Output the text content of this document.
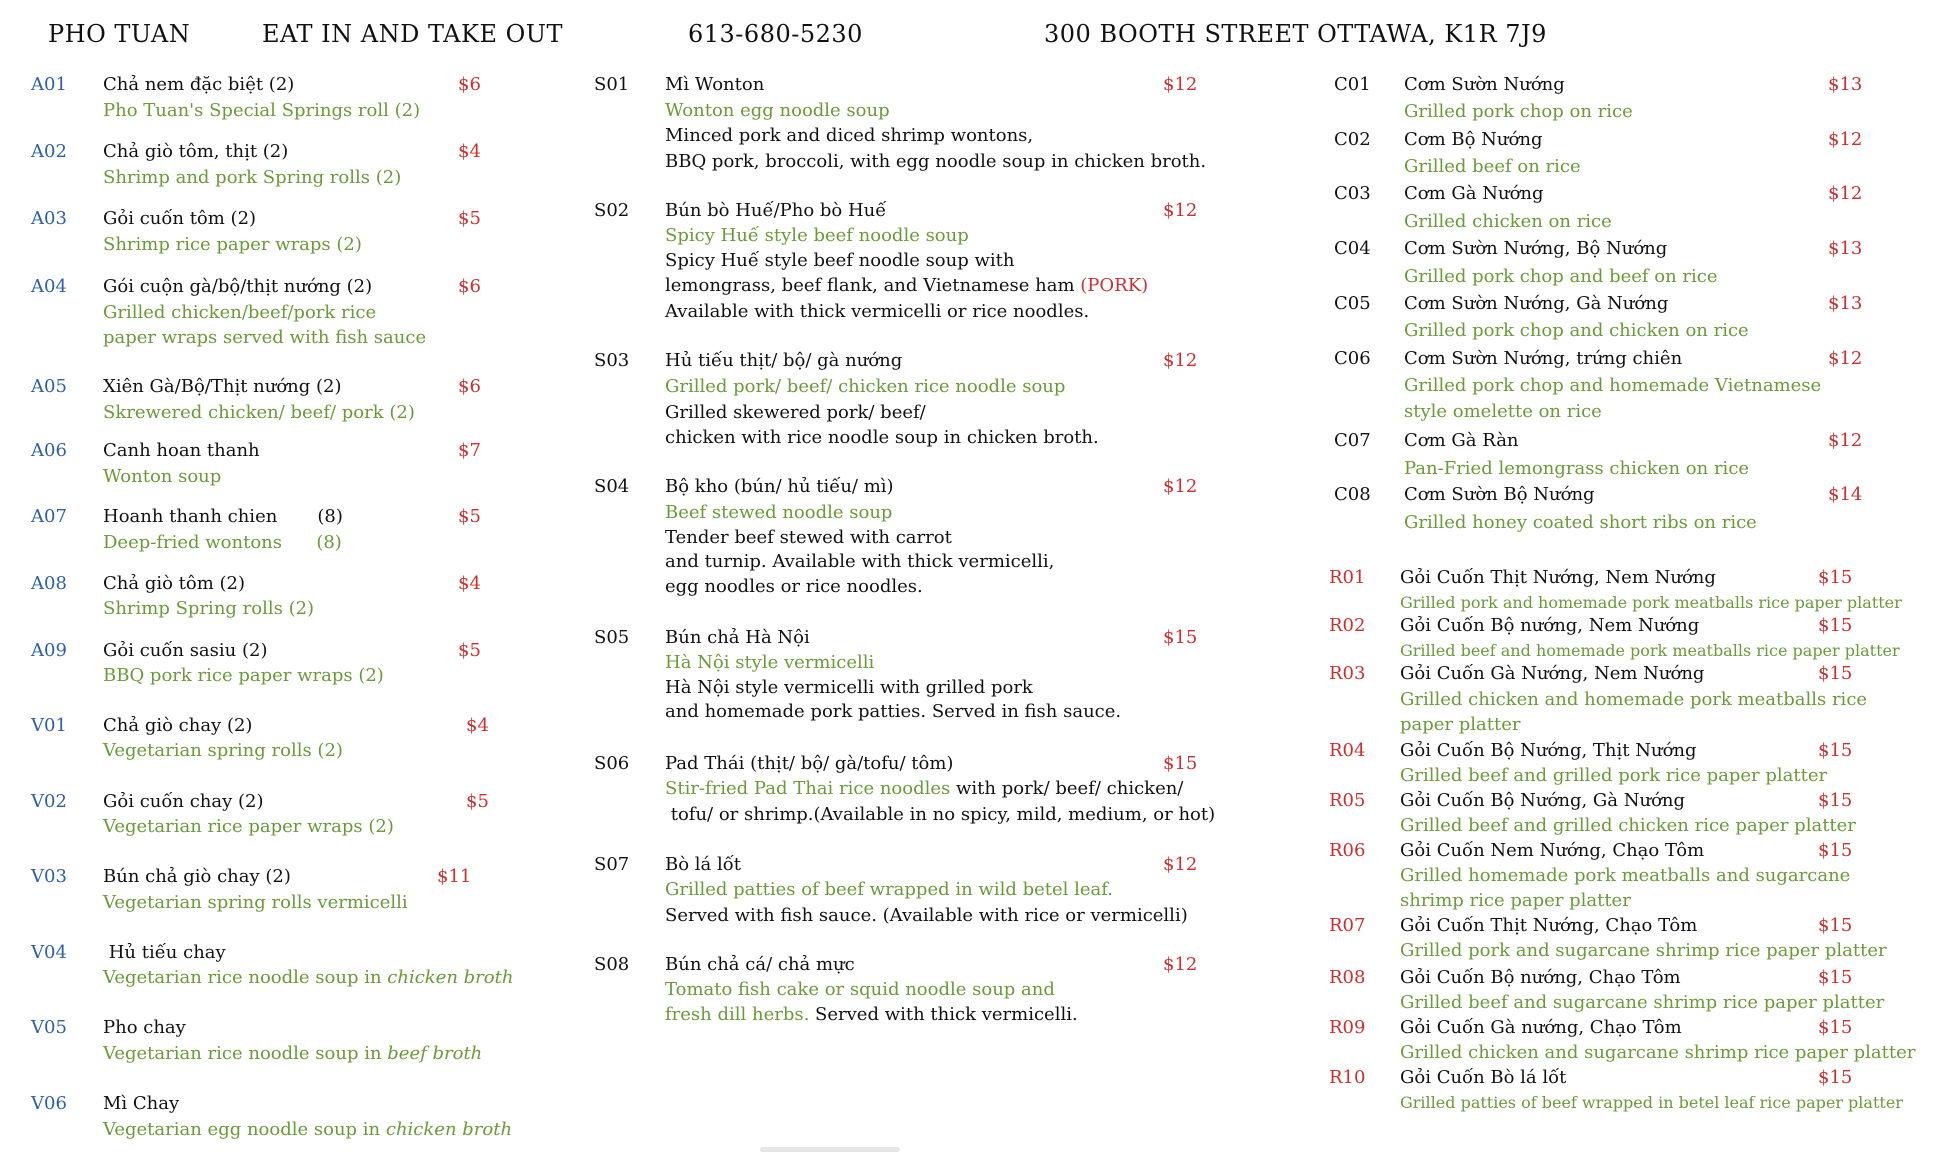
PHO TUAN	EAT IN AND TAKE OUT	613-680-5230	300 BOOTH STREET OTTAWA, K1R 7J9
A01 Chả nem đặc biệt (2)	$6
Pho Tuan's Special Springs roll (2)
A02 Chả giò tôm, thịt (2)	$4
Shrimp and pork Spring rolls (2)
A03 Gỏi cuốn tôm (2)	$5
Shrimp rice paper wraps (2)
A04 Gói cuộn gà/bộ/thịt nướng (2)	$6
Grilled chicken/beef/pork rice
paper wraps served with fish sauce
A05 Xiên Gà/Bộ/Thịt nướng (2)	$6
Skrewered chicken/ beef/ pork (2)
A06 Canh hoan thanh	$7
Wonton soup
A07 Hoanh thanh chien       (8)	$5
Deep-fried wontons      (8)
A08 Chả giò tôm (2)	$4
Shrimp Spring rolls (2)
A09 Gỏi cuốn sasiu (2)	$5
BBQ pork rice paper wraps (2)
V01 Chả giò chay (2)	$4
Vegetarian spring rolls (2)
V02 Gỏi cuốn chay (2)	$5
Vegetarian rice paper wraps (2)
V03 Bún chả giò chay (2)	$11
Vegetarian spring rolls vermicelli
V04 Hủ tiếu chay
Vegetarian rice noodle soup in chicken broth
V05 Pho chay
Vegetarian rice noodle soup in beef broth
V06 Mì Chay
Vegetarian egg noodle soup in chicken broth
S01 Mì Wonton	$12
Wonton egg noodle soup
Minced pork and diced shrimp wontons,
BBQ pork, broccoli, with egg noodle soup in chicken broth.
S02 Bún bò Huế/Pho bò Huế	$12
Spicy Huế style beef noodle soup
Spicy Huế style beef noodle soup with
lemongrass, beef flank, and Vietnamese ham (PORK)
Available with thick vermicelli or rice noodles.
S03 Hủ tiếu thịt/ bộ/ gà nướng	$12
Grilled pork/ beef/ chicken rice noodle soup
Grilled skewered pork/ beef/
chicken with rice noodle soup in chicken broth.
S04 Bộ kho (bún/ hủ tiếu/ mì)	$12
Beef stewed noodle soup
Tender beef stewed with carrot
and turnip. Available with thick vermicelli,
egg noodles or rice noodles.
S05 Bún chả Hà Nội	$15
Hà Nội style vermicelli
Hà Nội style vermicelli with grilled pork
and homemade pork patties. Served in fish sauce.
S06 Pad Thái (thịt/ bộ/ gà/tofu/ tôm)	$15
Stir-fried Pad Thai rice noodles with pork/ beef/ chicken/
tofu/ or shrimp.(Available in no spicy, mild, medium, or hot)
S07 Bò lá lốt	$12
Grilled patties of beef wrapped in wild betel leaf.
Served with fish sauce. (Available with rice or vermicelli)
S08 Bún chả cá/ chả mực	$12
Tomato fish cake or squid noodle soup and
fresh dill herbs. Served with thick vermicelli.
C01 Cơm Sườn Nướng	$13
Grilled pork chop on rice
C02 Cơm Bộ Nướng	$12
Grilled beef on rice
C03 Cơm Gà Nướng	$12
Grilled chicken on rice
C04 Cơm Sườn Nướng, Bộ Nướng	$13
Grilled pork chop and beef on rice
C05 Cơm Sườn Nướng, Gà Nướng	$13
Grilled pork chop and chicken on rice
C06 Cơm Sườn Nướng, trứng chiên	$12
Grilled pork chop and homemade Vietnamese
style omelette on rice
C07 Cơm Gà Ràn	$12
Pan-Fried lemongrass chicken on rice
C08 Cơm Sườn Bộ Nướng	$14
Grilled honey coated short ribs on rice
R01 Gỏi Cuốn Thịt Nướng, Nem Nướng	$15
Grilled pork and homemade pork meatballs rice paper platter
R02 Gỏi Cuốn Bộ nướng, Nem Nướng	$15
Grilled beef and homemade pork meatballs rice paper platter
R03 Gỏi Cuốn Gà Nướng, Nem Nướng	$15
Grilled chicken and homemade pork meatballs rice
paper platter
R04 Gỏi Cuốn Bộ Nướng, Thịt Nướng	$15
Grilled beef and grilled pork rice paper platter
R05 Gỏi Cuốn Bộ Nướng, Gà Nướng	$15
Grilled beef and grilled chicken rice paper platter
R06 Gỏi Cuốn Nem Nướng, Chạo Tôm	$15
Grilled homemade pork meatballs and sugarcane
shrimp rice paper platter
R07 Gỏi Cuốn Thịt Nướng, Chạo Tôm	$15
Grilled pork and sugarcane shrimp rice paper platter
R08 Gỏi Cuốn Bộ nướng, Chạo Tôm	$15
Grilled beef and sugarcane shrimp rice paper platter
R09 Gỏi Cuốn Gà nướng, Chạo Tôm	$15
Grilled chicken and sugarcane shrimp rice paper platter
R10 Gỏi Cuốn Bò lá lốt	$15
Grilled patties of beef wrapped in betel leaf rice paper platter
